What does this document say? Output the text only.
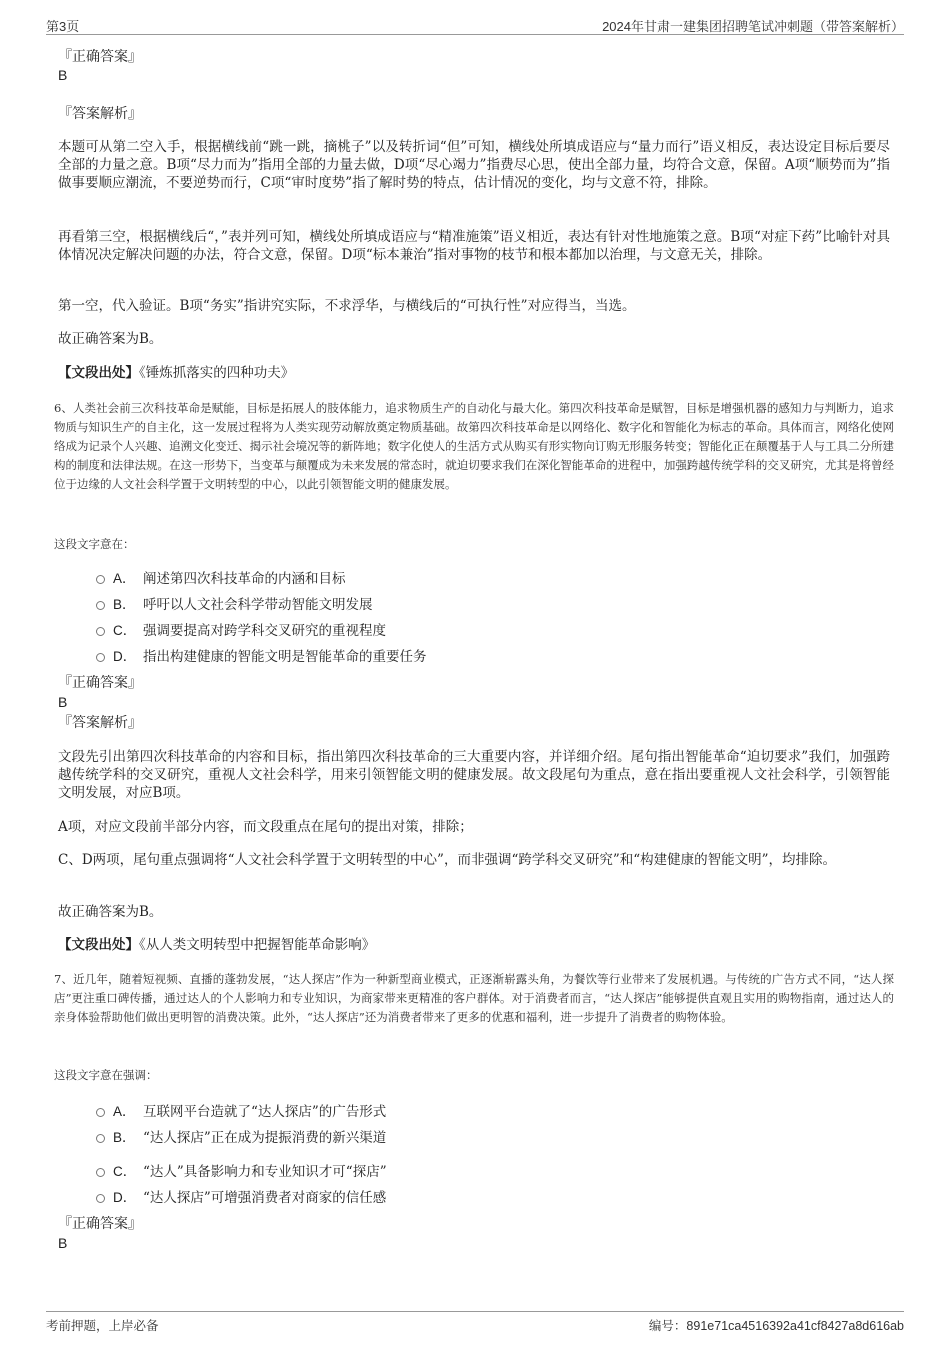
第3页	2024年甘肃一建集团招聘笔试冲刺题（带答案解析）
『正确答案』
B
『答案解析』
本题可从第二空入手，根据横线前“跳一跳，摘桃子”以及转折词“但”可知，横线处所填成语应与“量力而行”语义相反，表达设定目标后要尽全部的力量之意。B项“尽力而为”指用全部的力量去做，D项“尽心竭力”指费尽心思，使出全部力量，均符合文意，保留。A项“顺势而为”指做事要顺应潮流，不要逆势而行，C项“审时度势”指了解时势的特点，估计情况的变化，均与文意不符，排除。
再看第三空，根据横线后“，”表并列可知，横线处所填成语应与“精准施策”语义相近，表达有针对性地施策之意。B项“对症下药”比喻针对具体情况决定解决问题的办法，符合文意，保留。D项“标本兼治”指对事物的枝节和根本都加以治理，与文意无关，排除。
第一空，代入验证。B项“务实”指讲究实际，不求浮华，与横线后的“可执行性”对应得当，当选。
故正确答案为B。
【文段出处】《锤炼抓落实的四种功夫》
6、人类社会前三次科技革命是赋能，目标是拓展人的肢体能力，追求物质生产的自动化与最大化。第四次科技革命是赋智，目标是增强机器的感知力与判断力，追求物质与知识生产的自主化，这一发展过程将为人类实现劳动解放奠定物质基础。故第四次科技革命是以网络化、数字化和智能化为标志的革命。具体而言，网络化使网络成为记录个人兴趣、追溯文化变迁、揭示社会境况等的新阵地；数字化使人的生活方式从购买有形实物向订购无形服务转变；智能化正在颠覆基于人与工具二分所建构的制度和法律法规。在这一形势下，当变革与颠覆成为未来发展的常态时，就迫切要求我们在深化智能革命的进程中，加强跨越传统学科的交叉研究，尤其是将曾经位于边缘的人文社会科学置于文明转型的中心，以此引领智能文明的健康发展。
这段文字意在：
A． 阐述第四次科技革命的内涵和目标
B． 呼吁以人文社会科学带动智能文明发展
C． 强调要提高对跨学科交叉研究的重视程度
D． 指出构建健康的智能文明是智能革命的重要任务
『正确答案』
B
『答案解析』
文段先引出第四次科技革命的内容和目标，指出第四次科技革命的三大重要内容，并详细介绍。尾句指出智能革命“迫切要求”我们，加强跨越传统学科的交叉研究，重视人文社会科学，用来引领智能文明的健康发展。故文段尾句为重点，意在指出要重视人文社会科学，引领智能文明发展，对应B项。
A项，对应文段前半部分内容，而文段重点在尾句的提出对策，排除；
C、D两项，尾句重点强调将“人文社会科学置于文明转型的中心”，而非强调“跨学科交叉研究”和“构建健康的智能文明”，均排除。
故正确答案为B。
【文段出处】《从人类文明转型中把握智能革命影响》
7、近几年，随着短视频、直播的蓬勃发展，“达人探店”作为一种新型商业模式，正逐渐崭露头角，为餐饮等行业带来了发展机遇。与传统的广告方式不同，“达人探店”更注重口碑传播，通过达人的个人影响力和专业知识，为商家带来更精准的客户群体。对于消费者而言，“达人探店”能够提供直观且实用的购物指南，通过达人的亲身体验帮助他们做出更明智的消费决策。此外，“达人探店”还为消费者带来了更多的优惠和福利，进一步提升了消费者的购物体验。
这段文字意在强调：
A． 互联网平台造就了“达人探店”的广告形式
B． “达人探店”正在成为提振消费的新兴渠道
C． “达人”具备影响力和专业知识才可“探店”
D． “达人探店”可增强消费者对商家的信任感
『正确答案』
B
考前押题，上岸必备	编号：891e71ca4516392a41cf8427a8d616ab
